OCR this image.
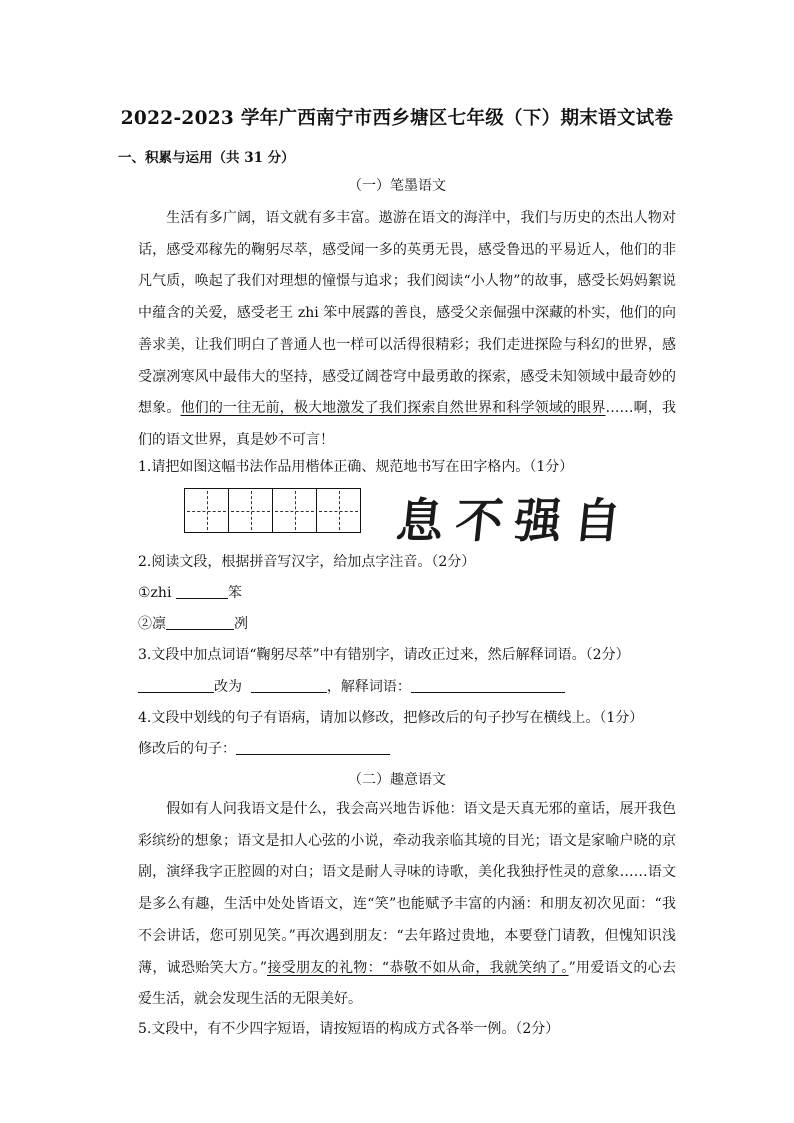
2022-2023 学年广西南宁市西乡塘区七年级（下）期末语文试卷
一、积累与运用（共 31 分）
（一）笔墨语文
生活有多广阔，语文就有多丰富。遨游在语文的海洋中，我们与历史的杰出人物对话，感受邓稼先的鞠躬尽萃，感受闻一多的英勇无畏，感受鲁迅的平易近人，他们的非凡气质，唤起了我们对理想的憧憬与追求；我们阅读“小人物”的故事，感受长妈妈絮说中蕴含的关爱，感受老王 zhi 笨中展露的善良，感受父亲倔强中深藏的朴实，他们的向善求美，让我们明白了普通人也一样可以活得很精彩；我们走进探险与科幻的世界，感受凛冽寒风中最伟大的坚持，感受辽阔苍穹中最勇敢的探索，感受未知领域中最奇妙的想象。他们的一往无前，极大地激发了我们探索自然世界和科学领域的眼界……啊，我们的语文世界，真是妙不可言！
1.请把如图这幅书法作品用楷体正确、规范地书写在田字格内。（1分）
息不强自
2.阅读文段，根据拼音写汉字，给加点字注音。（2分）
①zhi	笨
②凛	冽
3.文段中加点词语“鞠躬尽萃”中有错别字，请改正过来，然后解释词语。（2分）
改为	，解释词语：
4.文段中划线的句子有语病，请加以修改，把修改后的句子抄写在横线上。（1分）
修改后的句子：
（二）趣意语文
假如有人问我语文是什么，我会高兴地告诉他：语文是天真无邪的童话，展开我色彩缤纷的想象；语文是扣人心弦的小说，牵动我亲临其境的目光；语文是家喻户晓的京剧，演绎我字正腔圆的对白；语文是耐人寻味的诗歌，美化我独抒性灵的意象……语文是多么有趣，生活中处处皆语文，连“笑”也能赋予丰富的内涵：和朋友初次见面：“我不会讲话，您可别见笑。”再次遇到朋友：“去年路过贵地，本要登门请教，但愧知识浅薄，诚恐贻笑大方。”接受朋友的礼物：“恭敬不如从命，我就笑纳了。”用爱语文的心去爱生活，就会发现生活的无限美好。
5.文段中，有不少四字短语，请按短语的构成方式各举一例。（2分）
